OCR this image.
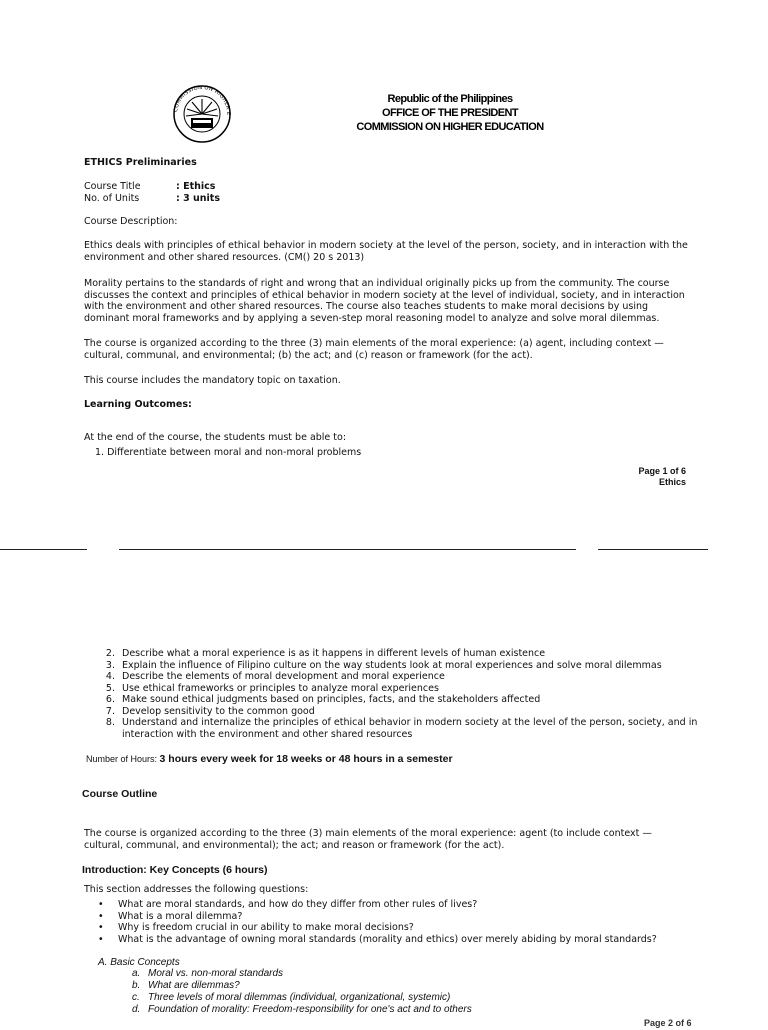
COMMISSION ON HIGHER E
Republic of the Philippines
OFFICE OF THE PRESIDENT
COMMISSION ON HIGHER EDUCATION
ETHICS Preliminaries
Course Title	: Ethics
No. of Units	: 3 units
Course Description:
Ethics deals with principles of ethical behavior in modern society at the level of the person, society, and in interaction with the environment and other shared resources. (CM() 20 s 2013)
Morality pertains to the standards of right and wrong that an individual originally picks up from the community. The course discusses the context and principles of ethical behavior in modern society at the level of individual, society, and in interaction with the environment and other shared resources. The course also teaches students to make moral decisions by using dominant moral frameworks and by applying a seven-step moral reasoning model to analyze and solve moral dilemmas.
The course is organized according to the three (3) main elements of the moral experience: (a) agent, including context — cultural, communal, and environmental; (b) the act; and (c) reason or framework (for the act).
This course includes the mandatory topic on taxation.
Learning Outcomes:
At the end of the course, the students must be able to:
1. Differentiate between moral and non-moral problems
Page 1 of 6
Ethics
2. Describe what a moral experience is as it happens in different levels of human existence
3. Explain the influence of Filipino culture on the way students look at moral experiences and solve moral dilemmas
4. Describe the elements of moral development and moral experience
5. Use ethical frameworks or principles to analyze moral experiences
6. Make sound ethical judgments based on principles, facts, and the stakeholders affected
7. Develop sensitivity to the common good
8. Understand and internalize the principles of ethical behavior in modern society at the level of the person, society, and in interaction with the environment and other shared resources
Number of Hours: 3 hours every week for 18 weeks or 48 hours in a semester
Course Outline
The course is organized according to the three (3) main elements of the moral experience: agent (to include context — cultural, communal, and environmental); the act; and reason or framework (for the act).
Introduction: Key Concepts (6 hours)
This section addresses the following questions:
• What are moral standards, and how do they differ from other rules of lives?
• What is a moral dilemma?
• Why is freedom crucial in our ability to make moral decisions?
• What is the advantage of owning moral standards (morality and ethics) over merely abiding by moral standards?
A. Basic Concepts
a. Moral vs. non-moral standards
b. What are dilemmas?
c. Three levels of moral dilemmas (individual, organizational, systemic)
d. Foundation of morality: Freedom-responsibility for one's act and to others
Page 2 of 6
